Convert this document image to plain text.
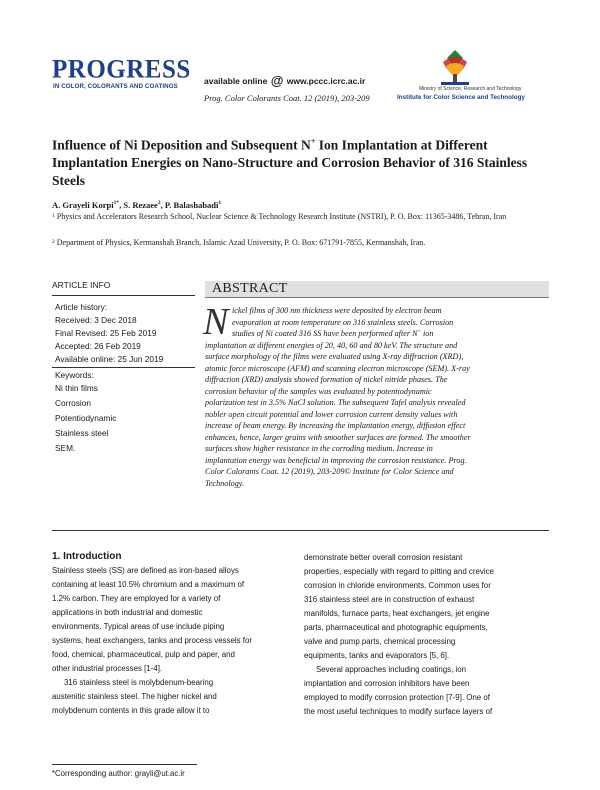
PROGRESS
IN COLOR, COLORANTS AND COATINGS
available online @ www.pccc.icrc.ac.ir
Prog. Color Colorants Coat. 12 (2019), 203-209
Ministry of Science, Research and Technology
Institute for Color Science and Technology
Influence of Ni Deposition and Subsequent N+ Ion Implantation at Different Implantation Energies on Nano-Structure and Corrosion Behavior of 316 Stainless Steels
A. Grayeli Korpi$^{1*}$, S. Rezaee$^2$, P. Balashabadi$^1$
$^1$ Physics and Accelerators Research School, Nuclear Science & Technology Research Institute (NSTRI), P. O. Box: 11365-3486, Tehran, Iran
$^2$ Department of Physics, Kermanshah Branch, Islamic Azad University, P. O. Box: 671791-7855, Kermanshah, Iran.
ARTICLE INFO
Article history:
Received: 3 Dec 2018
Final Revised: 25 Feb 2019
Accepted: 26 Feb 2019
Available online: 25 Jun 2019
Keywords:
Ni thin films
Corrosion
Potentiodynamic
Stainless steel
SEM.
ABSTRACT
N ickel films of 300 nm thickness were deposited by electron beam
evaporation at room temperature on 316 stainless steels. Corrosion
studies of Ni coated 316 SS have been performed after N+ ion
implantation at different energies of 20, 40, 60 and 80 keV. The structure and
surface morphology of the films were evaluated using X-ray diffraction (XRD),
atomic force microscope (AFM) and scanning electron microscope (SEM). X-ray
diffraction (XRD) analysis showed formation of nickel nitride phases. The
corrosion behavior of the samples was evaluated by potentiodynamic
polarization test in 3.5% NaCl solution. The subsequent Tafel analysis revealed
nobler open circuit potential and lower corrosion current density values with
increase of beam energy. By increasing the implantation energy, diffusion effect
enhances, hence, larger grains with smoother surfaces are formed. The smoother
surfaces show higher resistance in the corroding medium. Increase in
implantation energy was beneficial in improving the corrosion resistance. Prog.
Color Colorants Coat. 12 (2019), 203-209© Institute for Color Science and
Technology.
1. Introduction
Stainless steels (SS) are defined as iron-based alloys
containing at least 10.5% chromium and a maximum of
1.2% carbon. They are employed for a variety of
applications in both industrial and domestic
environments. Typical areas of use include piping
systems, heat exchangers, tanks and process vessels for
food, chemical, pharmaceutical, pulp and paper, and
other industrial processes [1-4].
316 stainless steel is molybdenum-bearing
austenitic stainless steel. The higher nickel and
molybdenum contents in this grade allow it to
demonstrate better overall corrosion resistant
properties, especially with regard to pitting and crevice
corrosion in chloride environments. Common uses for
316 stainless steel are in construction of exhaust
manifolds, furnace parts, heat exchangers, jet engine
parts, pharmaceutical and photographic equipments,
valve and pump parts, chemical processing
equipments, tanks and evaporators [5, 6].
Several approaches including coatings, ion
implantation and corrosion inhibitors have been
employed to modify corrosion protection [7-9]. One of
the most useful techniques to modify surface layers of
*Corresponding author: grayli@ut.ac.ir
